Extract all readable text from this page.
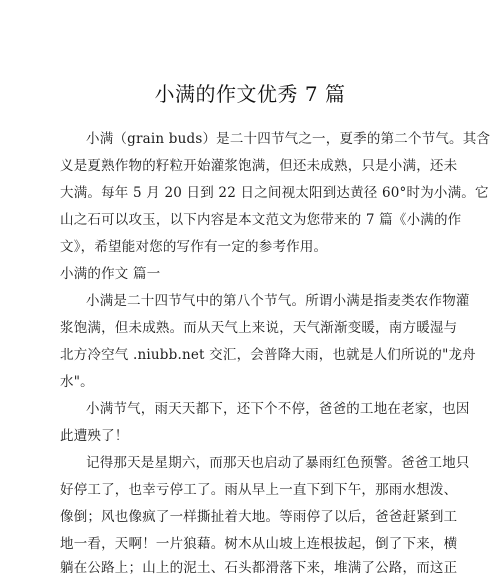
小满的作文优秀 7 篇
小满（grain buds）是二十四节气之一，夏季的第二个节气。其含
义是夏熟作物的籽粒开始灌浆饱满，但还未成熟，只是小满，还未
大满。每年 5 月 20 日到 22 日之间视太阳到达黄径 60°时为小满。它
山之石可以攻玉，以下内容是本文范文为您带来的 7 篇《小满的作
文》，希望能对您的写作有一定的参考作用。
小满的作文 篇一
小满是二十四节气中的第八个节气。所谓小满是指麦类农作物灌
浆饱满，但未成熟。而从天气上来说，天气渐渐变暖，南方暖湿与
北方冷空气 .niubb.net 交汇，会普降大雨，也就是人们所说的"龙舟
水"。
小满节气，雨天天都下，还下个不停，爸爸的工地在老家，也因
此遭殃了！
记得那天是星期六，而那天也启动了暴雨红色预警。爸爸工地只
好停工了，也幸亏停工了。雨从早上一直下到下午，那雨水想泼、
像倒；风也像疯了一样撕扯着大地。等雨停了以后，爸爸赶紧到工
地一看，天啊！一片狼藉。树木从山坡上连根拔起，倒了下来，横
躺在公路上；山上的泥土、石头都滑落下来，堆满了公路，而这正
